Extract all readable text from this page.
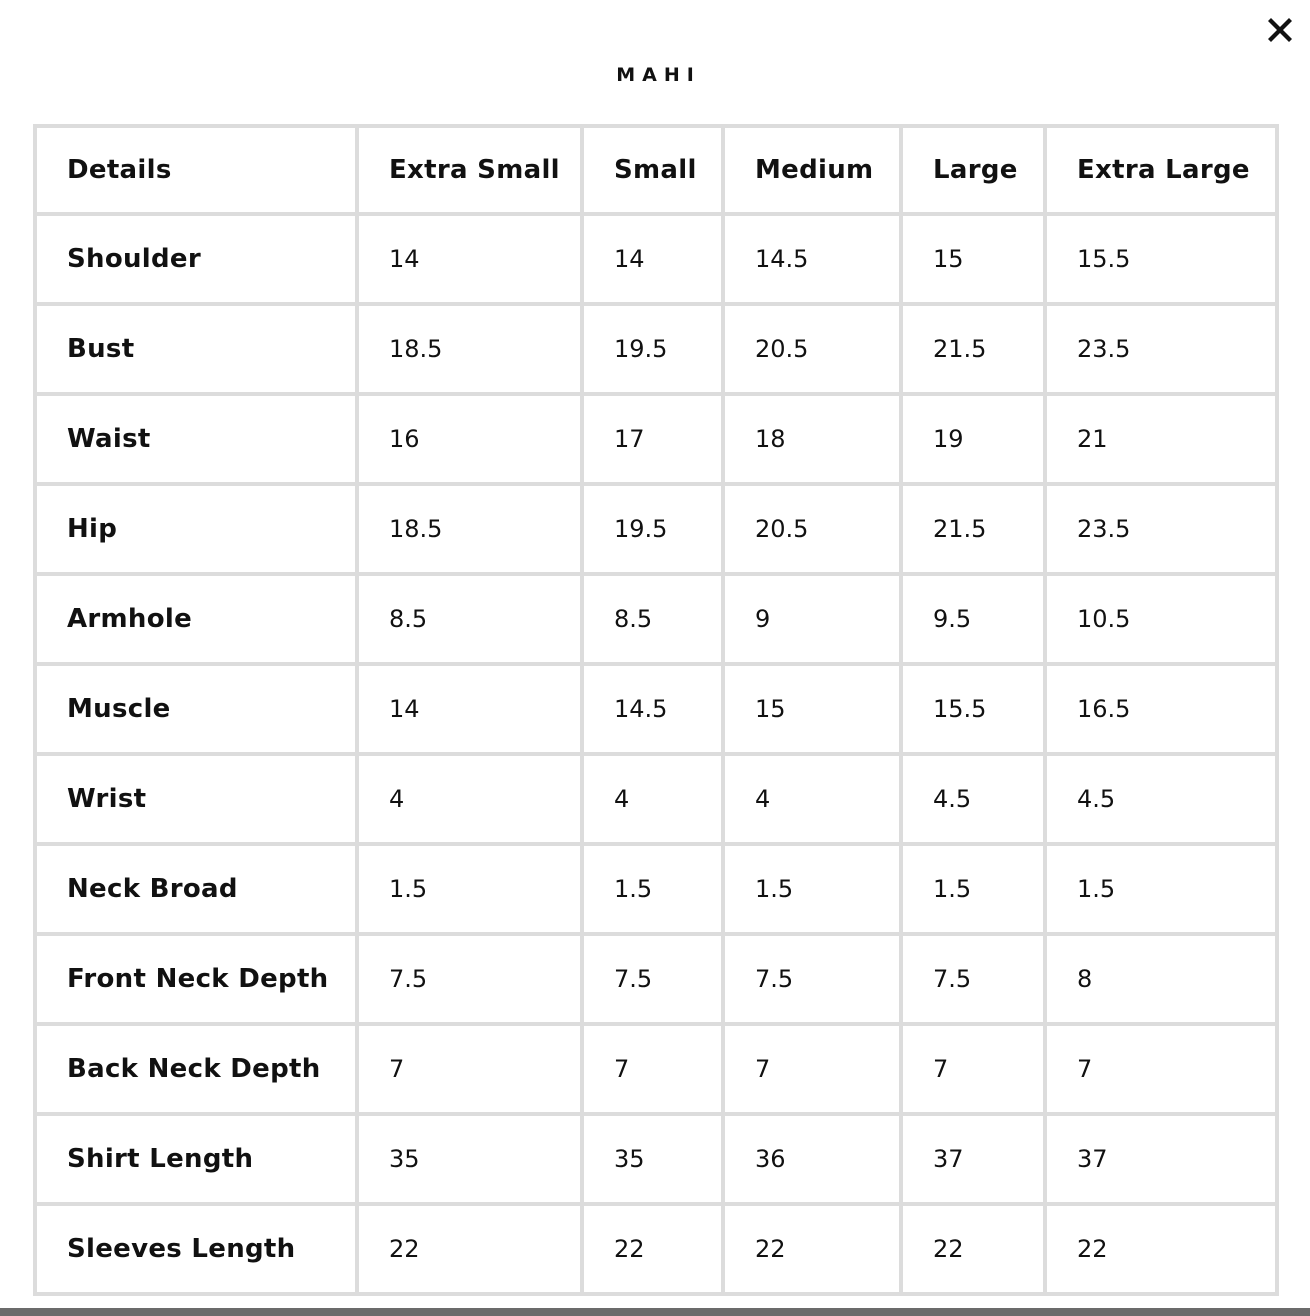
MAHI
Details	Extra Small	Small	Medium	Large	Extra Large
Shoulder	14	14	14.5	15	15.5
Bust	18.5	19.5	20.5	21.5	23.5
Waist	16	17	18	19	21
Hip	18.5	19.5	20.5	21.5	23.5
Armhole	8.5	8.5	9	9.5	10.5
Muscle	14	14.5	15	15.5	16.5
Wrist	4	4	4	4.5	4.5
Neck Broad	1.5	1.5	1.5	1.5	1.5
Front Neck Depth	7.5	7.5	7.5	7.5	8
Back Neck Depth	7	7	7	7	7
Shirt Length	35	35	36	37	37
Sleeves Length	22	22	22	22	22
